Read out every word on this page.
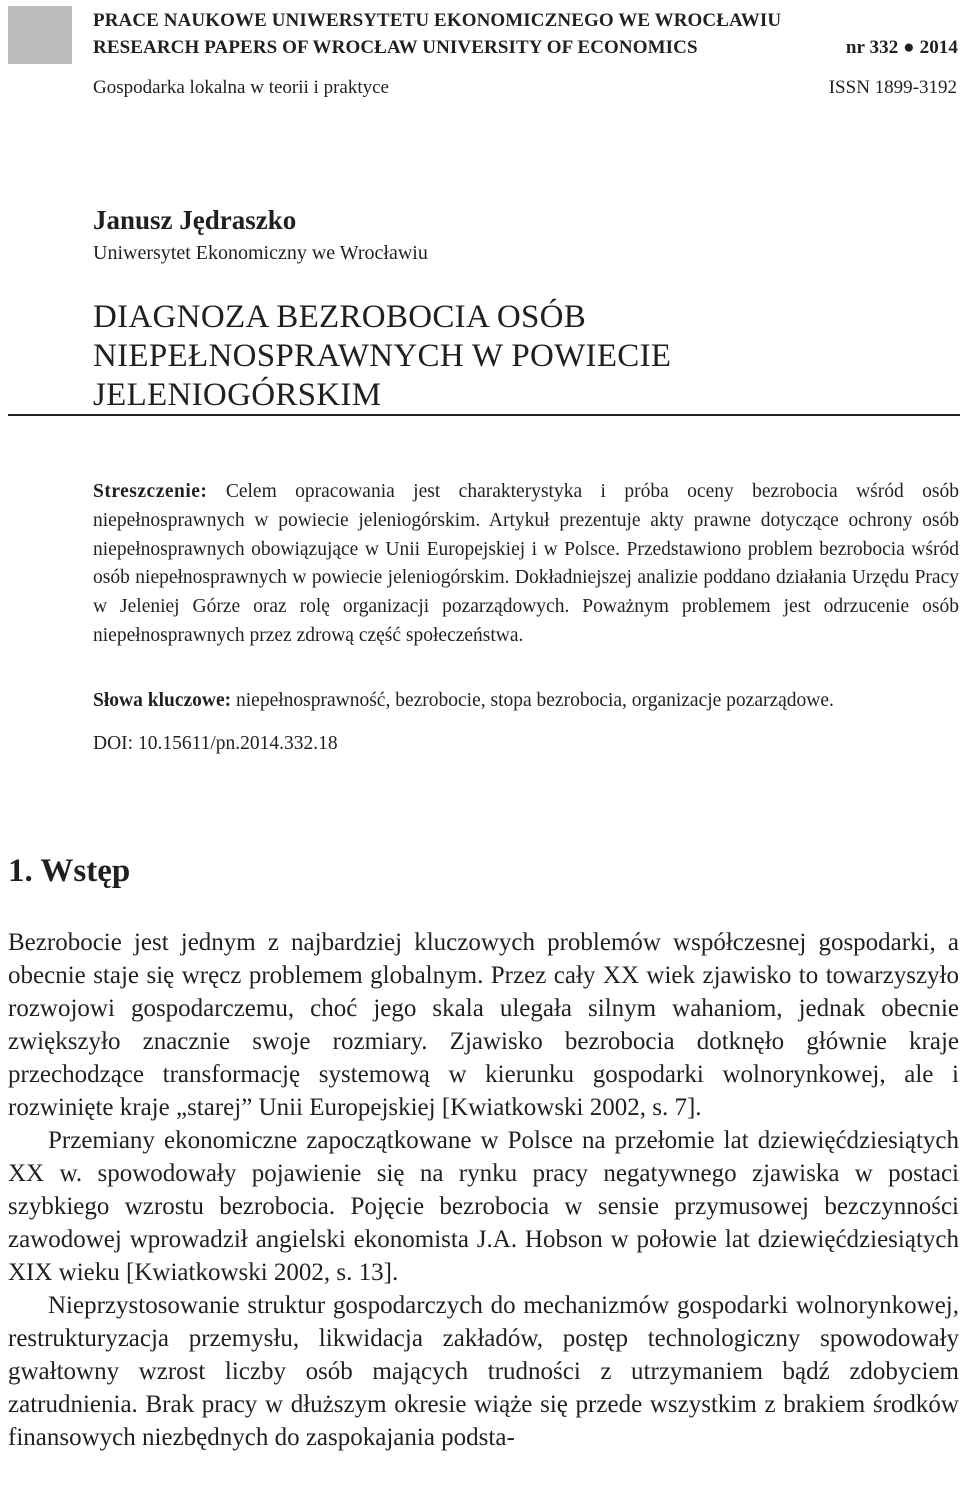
PRACE NAUKOWE UNIWERSYTETU EKONOMICZNEGO WE WROCŁAWIU
RESEARCH PAPERS OF WROCŁAW UNIVERSITY OF ECONOMICS	nr 332 ● 2014
Gospodarka lokalna w teorii i praktyce	ISSN 1899-3192
Janusz Jędraszko
Uniwersytet Ekonomiczny we Wrocławiu
DIAGNOZA BEZROBOCIA OSÓB
NIEPEŁNOSPRAWNYCH W POWIECIE
JELENIOGÓRSKIM
Streszczenie: Celem opracowania jest charakterystyka i próba oceny bezrobocia wśród osób niepełnosprawnych w powiecie jeleniogórskim. Artykuł prezentuje akty prawne dotyczące ochrony osób niepełnosprawnych obowiązujące w Unii Europejskiej i w Polsce. Przedstawiono problem bezrobocia wśród osób niepełnosprawnych w powiecie jeleniogórskim. Dokładniejszej analizie poddano działania Urzędu Pracy w Jeleniej Górze oraz rolę organizacji pozarządowych. Poważnym problemem jest odrzucenie osób niepełnosprawnych przez zdrową część społeczeństwa.
Słowa kluczowe: niepełnosprawność, bezrobocie, stopa bezrobocia, organizacje pozarządowe.
DOI: 10.15611/pn.2014.332.18
1. Wstęp

Bezrobocie jest jednym z najbardziej kluczowych problemów współczesnej gospodarki, a obecnie staje się wręcz problemem globalnym. Przez cały XX wiek zjawisko to towarzyszyło rozwojowi gospodarczemu, choć jego skala ulegała silnym wahaniom, jednak obecnie zwiększyło znacznie swoje rozmiary. Zjawisko bezrobocia dotknęło głównie kraje przechodzące transformację systemową w kierunku gospodarki wolnorynkowej, ale i rozwinięte kraje „starej” Unii Europejskiej [Kwiatkowski 2002, s. 7].

Przemiany ekonomiczne zapoczątkowane w Polsce na przełomie lat dziewięćdziesiątych XX w. spowodowały pojawienie się na rynku pracy negatywnego zjawiska w postaci szybkiego wzrostu bezrobocia. Pojęcie bezrobocia w sensie przymusowej bezczynności zawodowej wprowadził angielski ekonomista J.A. Hobson w połowie lat dziewięćdziesiątych XIX wieku [Kwiatkowski 2002, s. 13].

Nieprzystosowanie struktur gospodarczych do mechanizmów gospodarki wolnorynkowej, restrukturyzacja przemysłu, likwidacja zakładów, postęp technologiczny spowodowały gwałtowny wzrost liczby osób mających trudności z utrzymaniem bądź zdobyciem zatrudnienia. Brak pracy w dłuższym okresie wiąże się przede wszystkim z brakiem środków finansowych niezbędnych do zaspokajania podsta-
